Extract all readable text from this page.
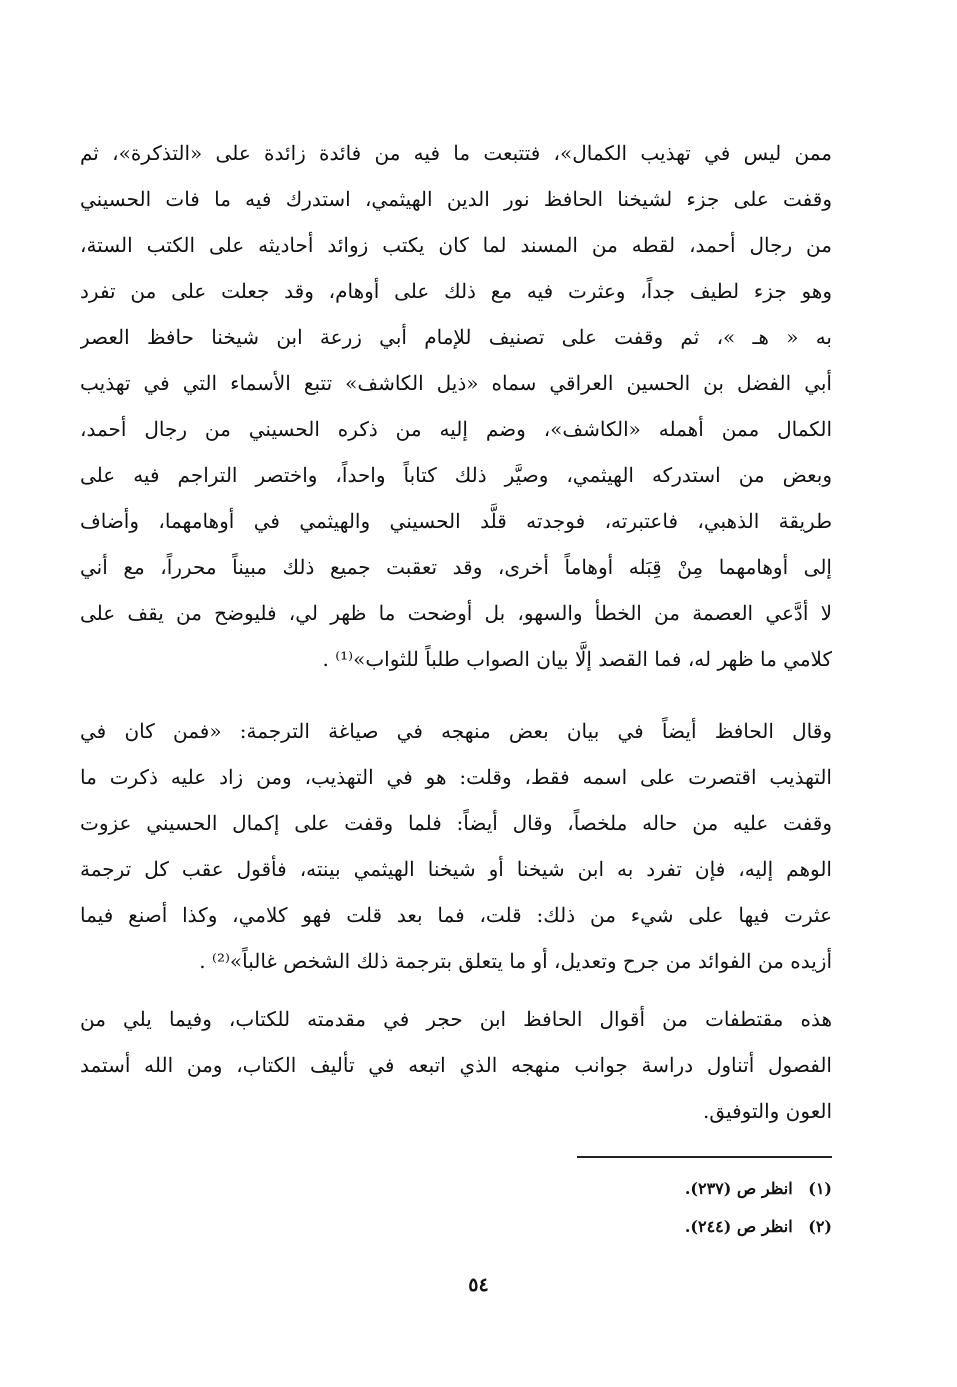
ممن ليس في تهذيب الكمال»، فتتبعت ما فيه من فائدة زائدة على «التذكرة»، ثم
وقفت على جزء لشيخنا الحافظ نور الدين الهيثمي، استدرك فيه ما فات الحسيني
من رجال أحمد، لقطه من المسند لما كان يكتب زوائد أحاديثه على الكتب الستة،
وهو جزء لطيف جداً، وعثرت فيه مع ذلك على أوهام، وقد جعلت على من تفرد
به « هـ »، ثم وقفت على تصنيف للإمام أبي زرعة ابن شيخنا حافظ العصر
أبي الفضل بن الحسين العراقي سماه «ذيل الكاشف» تتبع الأسماء التي في تهذيب
الكمال ممن أهمله «الكاشف»، وضم إليه من ذكره الحسيني من رجال أحمد،
وبعض من استدركه الهيثمي، وصيَّر ذلك كتاباً واحداً، واختصر التراجم فيه على
طريقة الذهبي، فاعتبرته، فوجدته قلَّد الحسيني والهيثمي في أوهامهما، وأضاف
إلى أوهامهما مِنْ قِبَله أوهاماً أخرى، وقد تعقبت جميع ذلك مبيناً محرراً، مع أني
لا أدَّعي العصمة من الخطأ والسهو، بل أوضحت ما ظهر لي، فليوضح من يقف على
كلامي ما ظهر له، فما القصد إلَّا بيان الصواب طلباً للثواب»⁽¹⁾ .
وقال الحافظ أيضاً في بيان بعض منهجه في صياغة الترجمة: «فمن كان في
التهذيب اقتصرت على اسمه فقط، وقلت: هو في التهذيب، ومن زاد عليه ذكرت ما
وقفت عليه من حاله ملخصاً، وقال أيضاً: فلما وقفت على إكمال الحسيني عزوت
الوهم إليه، فإن تفرد به ابن شيخنا أو شيخنا الهيثمي بينته، فأقول عقب كل ترجمة
عثرت فيها على شيء من ذلك: قلت، فما بعد قلت فهو كلامي، وكذا أصنع فيما
أزيده من الفوائد من جرح وتعديل، أو ما يتعلق بترجمة ذلك الشخص غالباً»⁽²⁾ .
هذه مقتطفات من أقوال الحافظ ابن حجر في مقدمته للكتاب، وفيما يلي من
الفصول أتناول دراسة جوانب منهجه الذي اتبعه في تأليف الكتاب، ومن الله أستمد
العون والتوفيق.
(١) انظر ص (٢٣٧).
(٢) انظر ص (٢٤٤).
٥٤
